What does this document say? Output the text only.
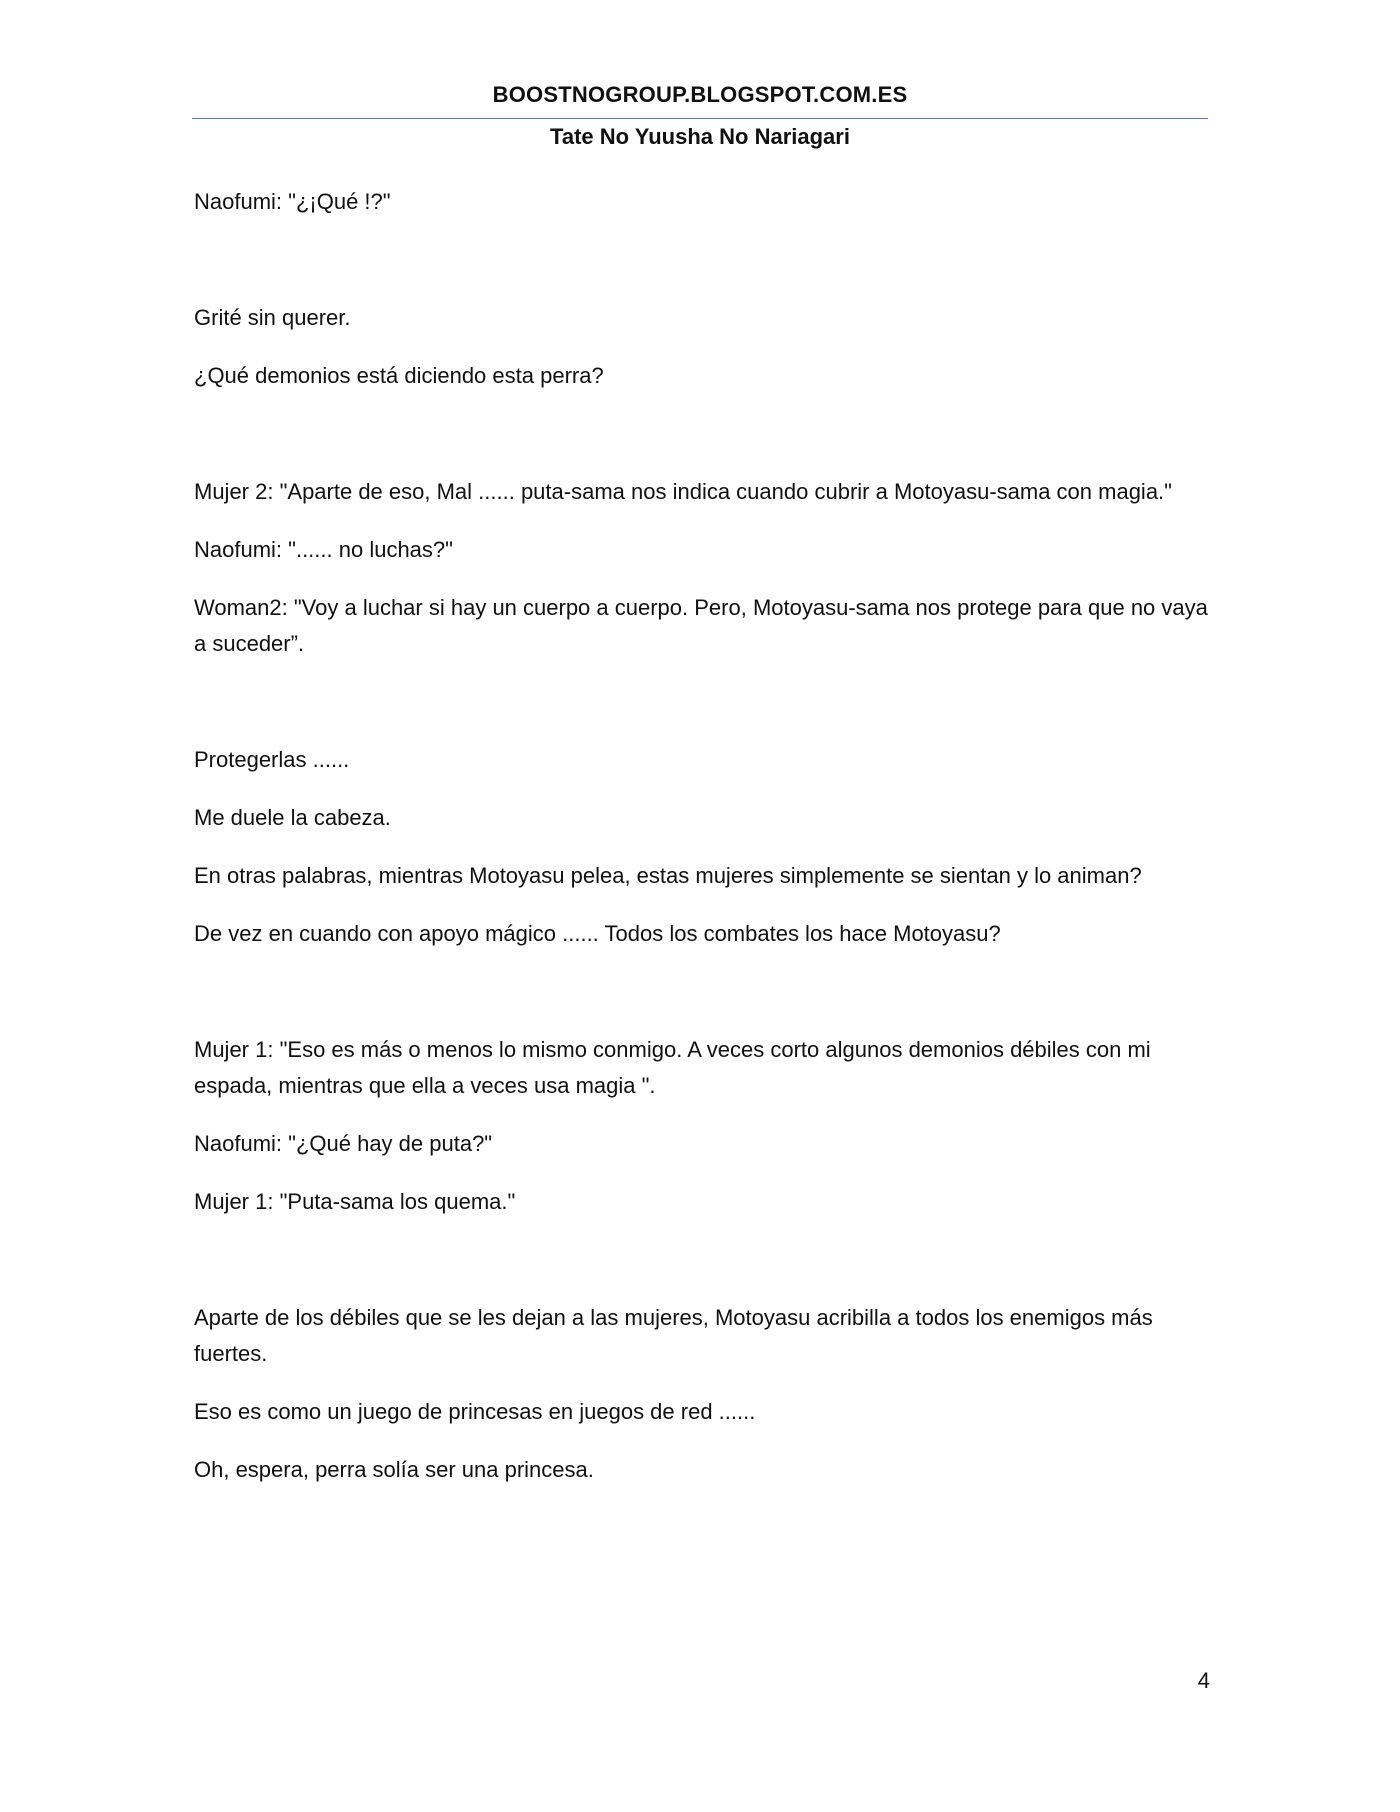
BOOSTNOGROUP.BLOGSPOT.COM.ES
Tate No Yuusha No Nariagari

Naofumi: "¿¡Qué !?"

Grité sin querer.

¿Qué demonios está diciendo esta perra?

Mujer 2: "Aparte de eso, Mal ...... puta-sama nos indica cuando cubrir a Motoyasu-sama con magia."

Naofumi: "...... no luchas?"

Woman2: "Voy a luchar si hay un cuerpo a cuerpo. Pero, Motoyasu-sama nos protege para que no vaya a suceder”.

Protegerlas ......

Me duele la cabeza.

En otras palabras, mientras Motoyasu pelea, estas mujeres simplemente se sientan y lo animan?

De vez en cuando con apoyo mágico ...... Todos los combates los hace Motoyasu?

Mujer 1: "Eso es más o menos lo mismo conmigo. A veces corto algunos demonios débiles con mi espada, mientras que ella a veces usa magia ".

Naofumi: "¿Qué hay de puta?"

Mujer 1: "Puta-sama los quema."

Aparte de los débiles que se les dejan a las mujeres, Motoyasu acribilla a todos los enemigos más fuertes.

Eso es como un juego de princesas en juegos de red ......

Oh, espera, perra solía ser una princesa.

4
